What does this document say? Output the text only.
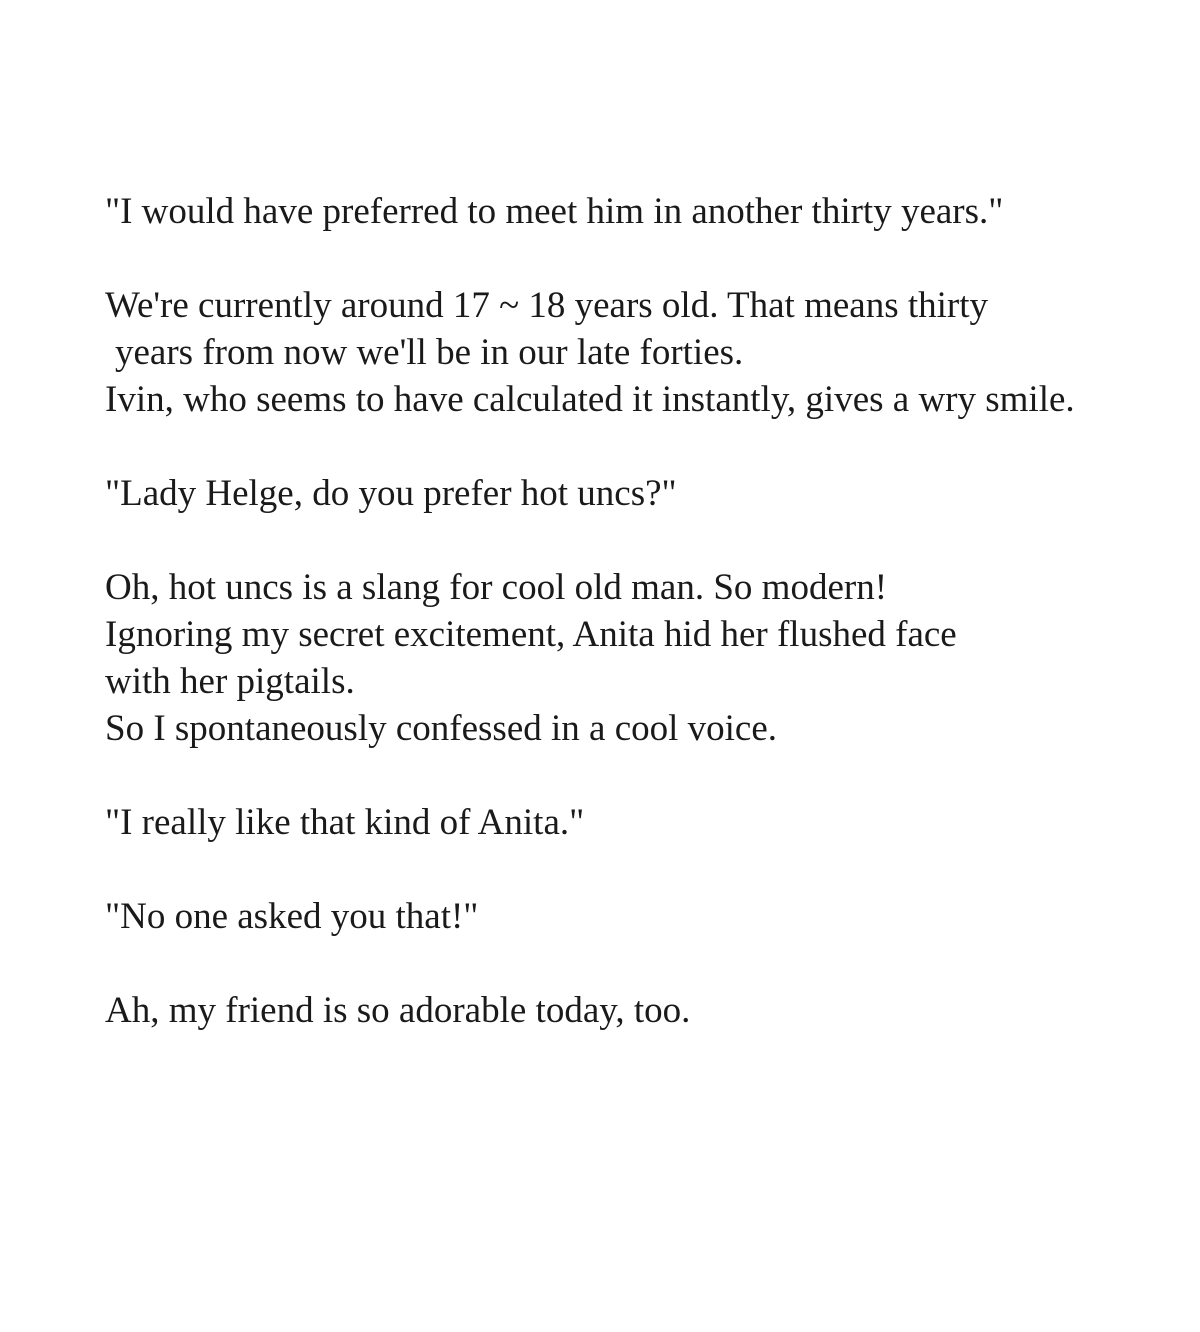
"I would have preferred to meet him in another thirty years."
We're currently around 17 ~ 18 years old. That means thirty
years from now we'll be in our late forties.
Ivin, who seems to have calculated it instantly, gives a wry smile.
"Lady Helge, do you prefer hot uncs?"
Oh, hot uncs is a slang for cool old man. So modern!
Ignoring my secret excitement, Anita hid her flushed face
with her pigtails.
So I spontaneously confessed in a cool voice.
"I really like that kind of Anita."
"No one asked you that!"
Ah, my friend is so adorable today, too.
